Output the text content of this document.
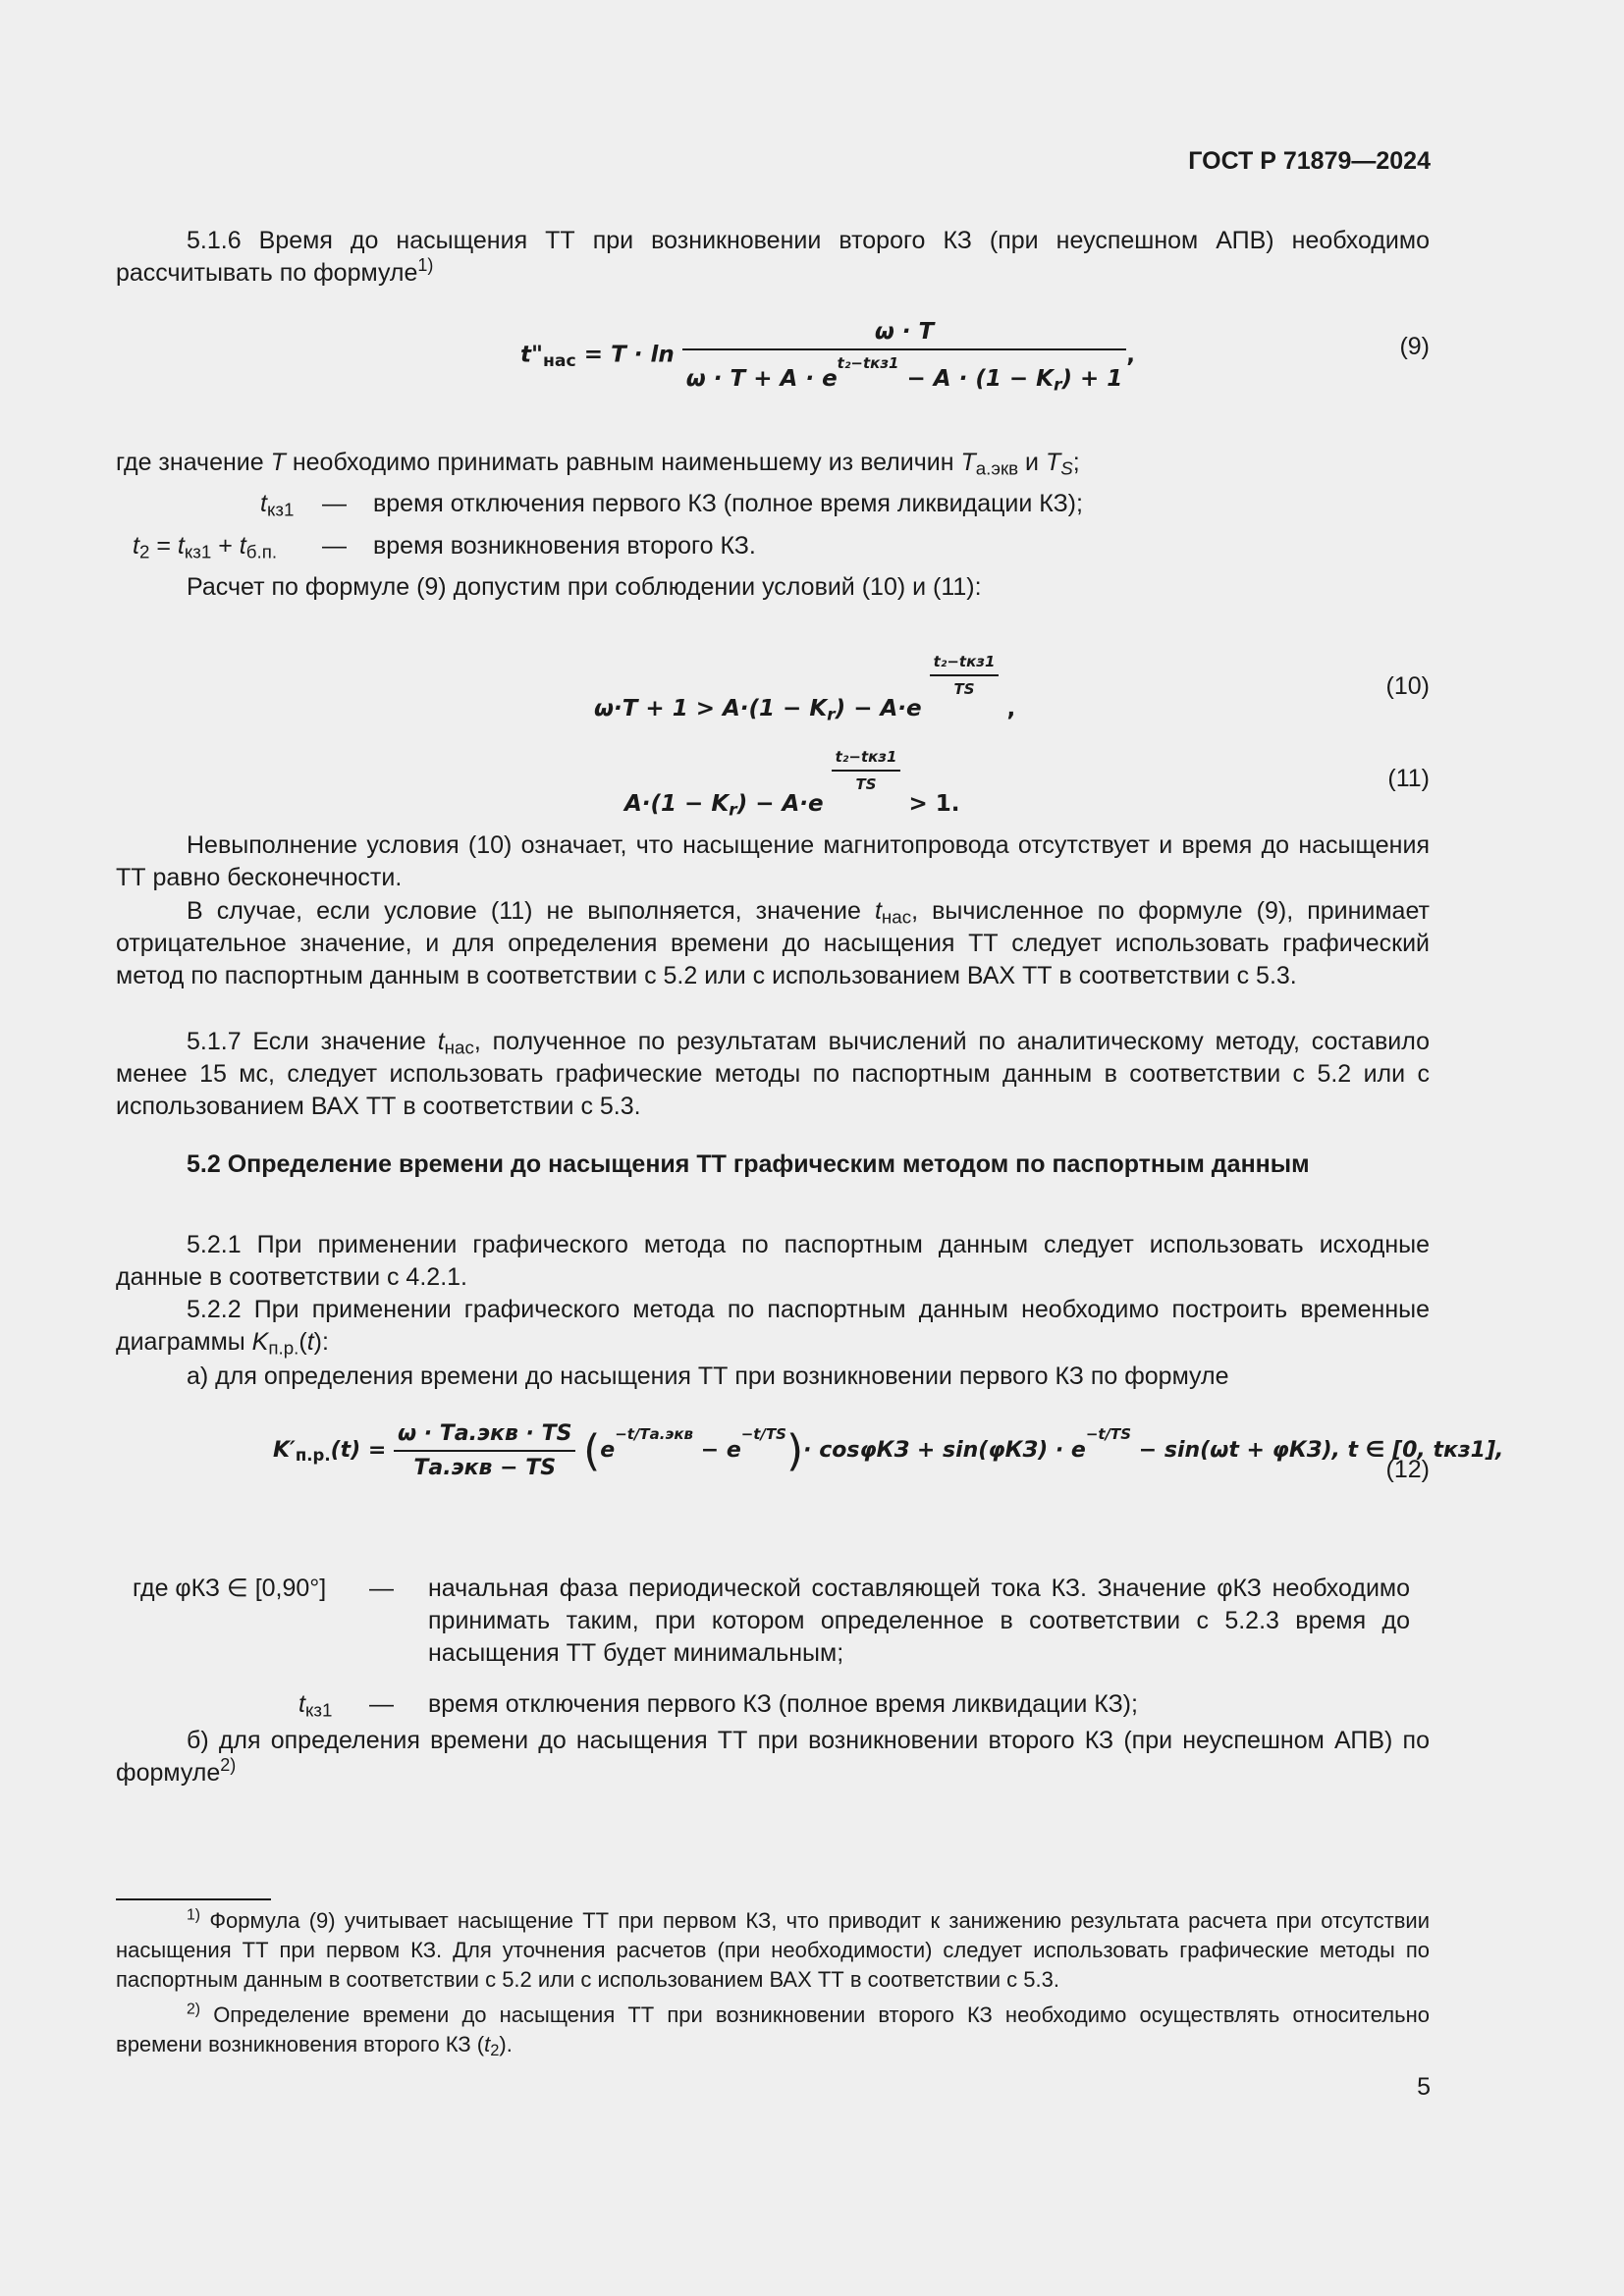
ГОСТ Р 71879—2024
5.1.6 Время до насыщения ТТ при возникновении второго КЗ (при неуспешном АПВ) необходимо рассчитывать по формуле$^{1)}$
$t"_{нас} = T \cdot \ln \frac{\omega \cdot T}{\omega \cdot T + A \cdot e^{t_2-tкз1} - A \cdot (1 - K_r) + 1}$ ,	(9)
где значение T необходимо принимать равным наименьшему из величин $T_{а.экв}$ и $T_S$;
$t_{кз1}$ — время отключения первого КЗ (полное время ликвидации КЗ);
$t_2 = t_{кз1} + t_{б.п.}$ — время возникновения второго КЗ.
Расчет по формуле (9) допустим при соблюдении условий (10) и (11):
$\omega\cdot T + 1 > A\cdot(1 - K_r) - A\cdot e$
$\frac{\text{t₂−tкз1}}{TS}$
,
(10)
$A\cdot(1 - K_r) - A\cdot e$
$\frac{\text{t₂−tкз1}}{TS}$
> 1.
(11)
Невыполнение условия (10) означает, что насыщение магнитопровода отсутствует и время до насыщения ТТ равно бесконечности.
В случае, если условие (11) не выполняется, значение $t_{нас}$, вычисленное по формуле (9), принимает отрицательное значение, и для определения времени до насыщения ТТ следует использовать графический метод по паспортным данным в соответствии с 5.2 или с использованием ВАХ ТТ в соответствии с 5.3.
5.1.7 Если значение $t_{нас}$, полученное по результатам вычислений по аналитическому методу, составило менее 15 мс, следует использовать графические методы по паспортным данным в соответствии с 5.2 или с использованием ВАХ ТТ в соответствии с 5.3.
5.2 Определение времени до насыщения ТТ графическим методом по паспортным данным
5.2.1 При применении графического метода по паспортным данным следует использовать исходные данные в соответствии с 4.2.1.
5.2.2 При применении графического метода по паспортным данным необходимо построить временные диаграммы $K_{п.р.}(t)$:
а) для определения времени до насыщения ТТ при возникновении первого КЗ по формуле
$K'_{п.р.}(t) = \frac{\text{ω · Tа.экв · TS}}{\text{Tа.экв − TS}} (e^{-t/Tа.экв} - e^{-t/TS})\cdot \cos\varphi КЗ + \sin(\varphi КЗ) \cdot e^{-t/TS} - \sin(\omega t + \varphi КЗ)$, t ∈ [0, tкз1],
(12)
где φКЗ ∈ [0,90°] — начальная фаза периодической составляющей тока КЗ. Значение φКЗ необходимо принимать таким, при котором определенное в соответствии с 5.2.3 время до насыщения ТТ будет минимальным;
$t_{кз1}$ — время отключения первого КЗ (полное время ликвидации КЗ);
б) для определения времени до насыщения ТТ при возникновении второго КЗ (при неуспешном АПВ) по формуле$^{2)}$
$^{1)}$ Формула (9) учитывает насыщение ТТ при первом КЗ, что приводит к занижению результата расчета при отсутствии насыщения ТТ при первом КЗ. Для уточнения расчетов (при необходимости) следует использовать графические методы по паспортным данным в соответствии с 5.2 или с использованием ВАХ ТТ в соответствии с 5.3.
$^{2)}$ Определение времени до насыщения ТТ при возникновении второго КЗ необходимо осуществлять относительно времени возникновения второго КЗ $(t_2)$.
5
